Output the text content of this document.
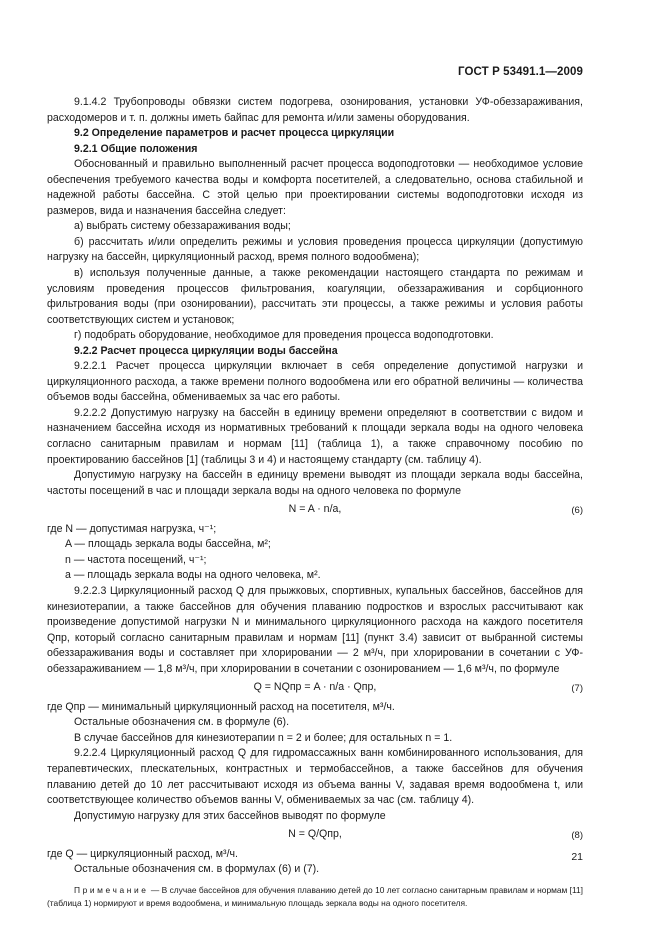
ГОСТ Р 53491.1—2009

9.1.4.2 Трубопроводы обвязки систем подогрева, озонирования, установки УФ-обеззараживания, расходомеров и т. п. должны иметь байпас для ремонта и/или замены оборудования.

9.2 Определение параметров и расчет процесса циркуляции

9.2.1 Общие положения

Обоснованный и правильно выполненный расчет процесса водоподготовки — необходимое условие обеспечения требуемого качества воды и комфорта посетителей, а следовательно, основа стабильной и надежной работы бассейна. С этой целью при проектировании системы водоподготовки исходя из размеров, вида и назначения бассейна следует:

а) выбрать систему обеззараживания воды;

б) рассчитать и/или определить режимы и условия проведения процесса циркуляции (допустимую нагрузку на бассейн, циркуляционный расход, время полного водообмена);

в) используя полученные данные, а также рекомендации настоящего стандарта по режимам и условиям проведения процессов фильтрования, коагуляции, обеззараживания и сорбционного фильтрования воды (при озонировании), рассчитать эти процессы, а также режимы и условия работы соответствующих систем и установок;

г) подобрать оборудование, необходимое для проведения процесса водоподготовки.

9.2.2 Расчет процесса циркуляции воды бассейна

9.2.2.1 Расчет процесса циркуляции включает в себя определение допустимой нагрузки и циркуляционного расхода, а также времени полного водообмена или его обратной величины — количества объемов воды бассейна, обмениваемых за час его работы.

9.2.2.2 Допустимую нагрузку на бассейн в единицу времени определяют в соответствии с видом и назначением бассейна исходя из нормативных требований к площади зеркала воды на одного человека согласно санитарным правилам и нормам [11] (таблица 1), а также справочному пособию по проектированию бассейнов [1] (таблицы 3 и 4) и настоящему стандарту (см. таблицу 4).

Допустимую нагрузку на бассейн в единицу времени выводят из площади зеркала воды бассейна, частоты посещений в час и площади зеркала воды на одного человека по формуле

N = A · n/a,	(6)

где N — допустимая нагрузка, ч⁻¹;

A — площадь зеркала воды бассейна, м²;

n — частота посещений, ч⁻¹;

a — площадь зеркала воды на одного человека, м².

9.2.2.3 Циркуляционный расход Q для прыжковых, спортивных, купальных бассейнов, бассейнов для кинезиотерапии, а также бассейнов для обучения плаванию подростков и взрослых рассчитывают как произведение допустимой нагрузки N и минимального циркуляционного расхода на каждого посетителя Qпр, который согласно санитарным правилам и нормам [11] (пункт 3.4) зависит от выбранной системы обеззараживания воды и составляет при хлорировании — 2 м³/ч, при хлорировании в сочетании с УФ-обеззараживанием — 1,8 м³/ч, при хлорировании в сочетании с озонированием — 1,6 м³/ч, по формуле

Q = NQпр = A · n/a · Qпр,	(7)

где Qпр — минимальный циркуляционный расход на посетителя, м³/ч.

Остальные обозначения см. в формуле (6).

В случае бассейнов для кинезиотерапии n = 2 и более; для остальных n = 1.

9.2.2.4 Циркуляционный расход Q для гидромассажных ванн комбинированного использования, для терапевтических, плескательных, контрастных и термобассейнов, а также бассейнов для обучения плаванию детей до 10 лет рассчитывают исходя из объема ванны V, задавая время водообмена t, или соответствующее количество объемов ванны V, обмениваемых за час (см. таблицу 4).

Допустимую нагрузку для этих бассейнов выводят по формуле

N = Q/Qпр,	(8)

где Q — циркуляционный расход, м³/ч.

Остальные обозначения см. в формулах (6) и (7).

Примечание — В случае бассейнов для обучения плаванию детей до 10 лет согласно санитарным правилам и нормам [11] (таблица 1) нормируют и время водообмена, и минимальную площадь зеркала воды на одного посетителя.

21
